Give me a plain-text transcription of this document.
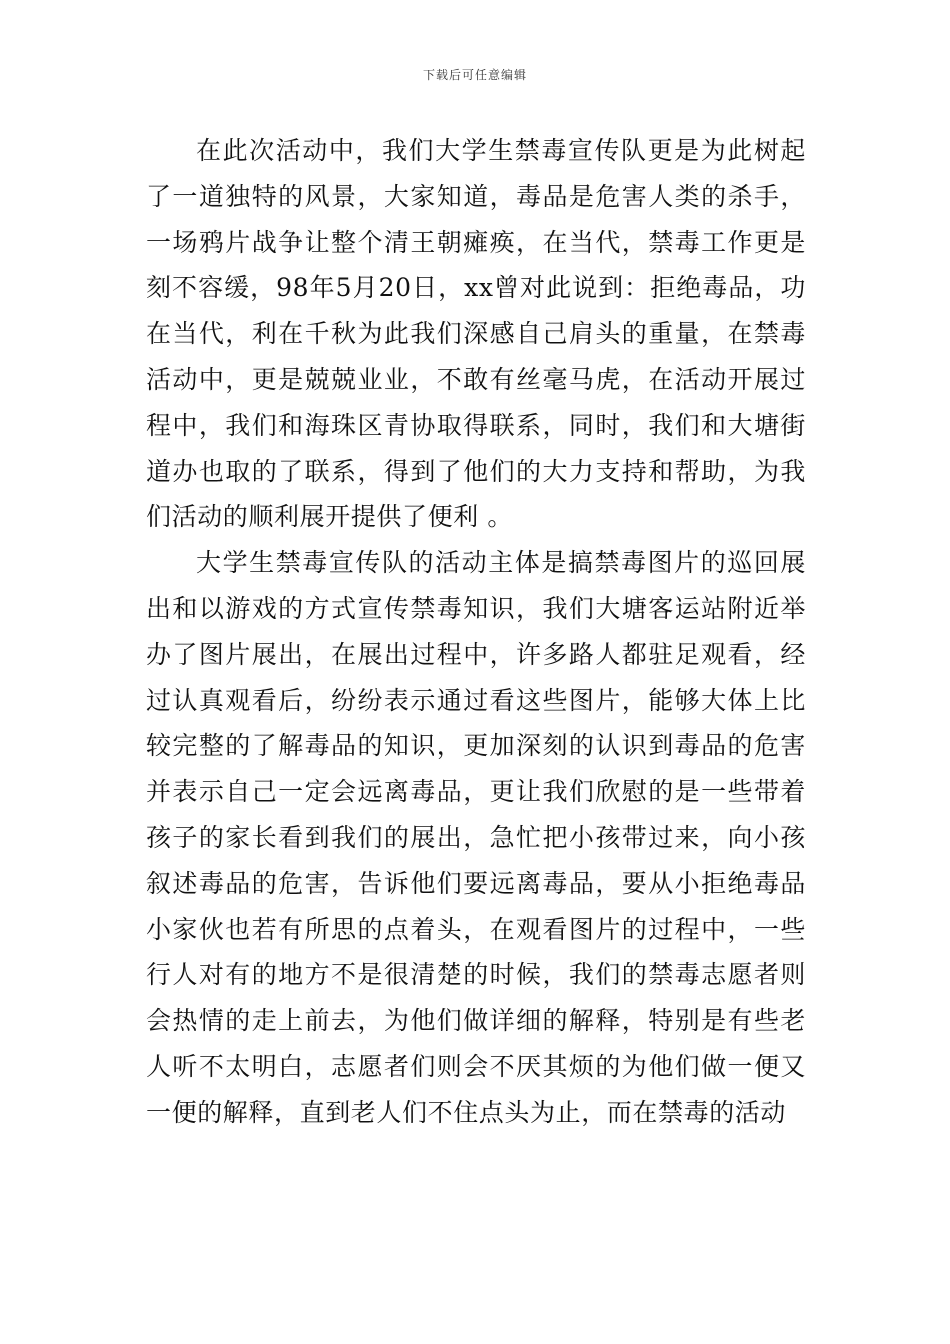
下载后可任意编辑

在此次活动中，我们大学生禁毒宣传队更是为此树起了一道独特的风景，大家知道，毒品是危害人类的杀手，一场鸦片战争让整个清王朝瘫痪，在当代，禁毒工作更是刻不容缓，98年5月20日，xx曾对此说到：拒绝毒品，功在当代，利在千秋为此我们深感自己肩头的重量，在禁毒活动中，更是兢兢业业，不敢有丝毫马虎，在活动开展过程中，我们和海珠区青协取得联系，同时，我们和大塘街道办也取的了联系，得到了他们的大力支持和帮助，为我们活动的顺利展开提供了便利 。

大学生禁毒宣传队的活动主体是搞禁毒图片的巡回展出和以游戏的方式宣传禁毒知识，我们大塘客运站附近举办了图片展出，在展出过程中，许多路人都驻足观看，经过认真观看后，纷纷表示通过看这些图片，能够大体上比较完整的了解毒品的知识，更加深刻的认识到毒品的危害并表示自己一定会远离毒品，更让我们欣慰的是一些带着孩子的家长看到我们的展出，急忙把小孩带过来，向小孩叙述毒品的危害，告诉他们要远离毒品，要从小拒绝毒品小家伙也若有所思的点着头，在观看图片的过程中，一些行人对有的地方不是很清楚的时候，我们的禁毒志愿者则会热情的走上前去，为他们做详细的解释，特别是有些老人听不太明白，志愿者们则会不厌其烦的为他们做一便又一便的解释，直到老人们不住点头为止，而在禁毒的活动
